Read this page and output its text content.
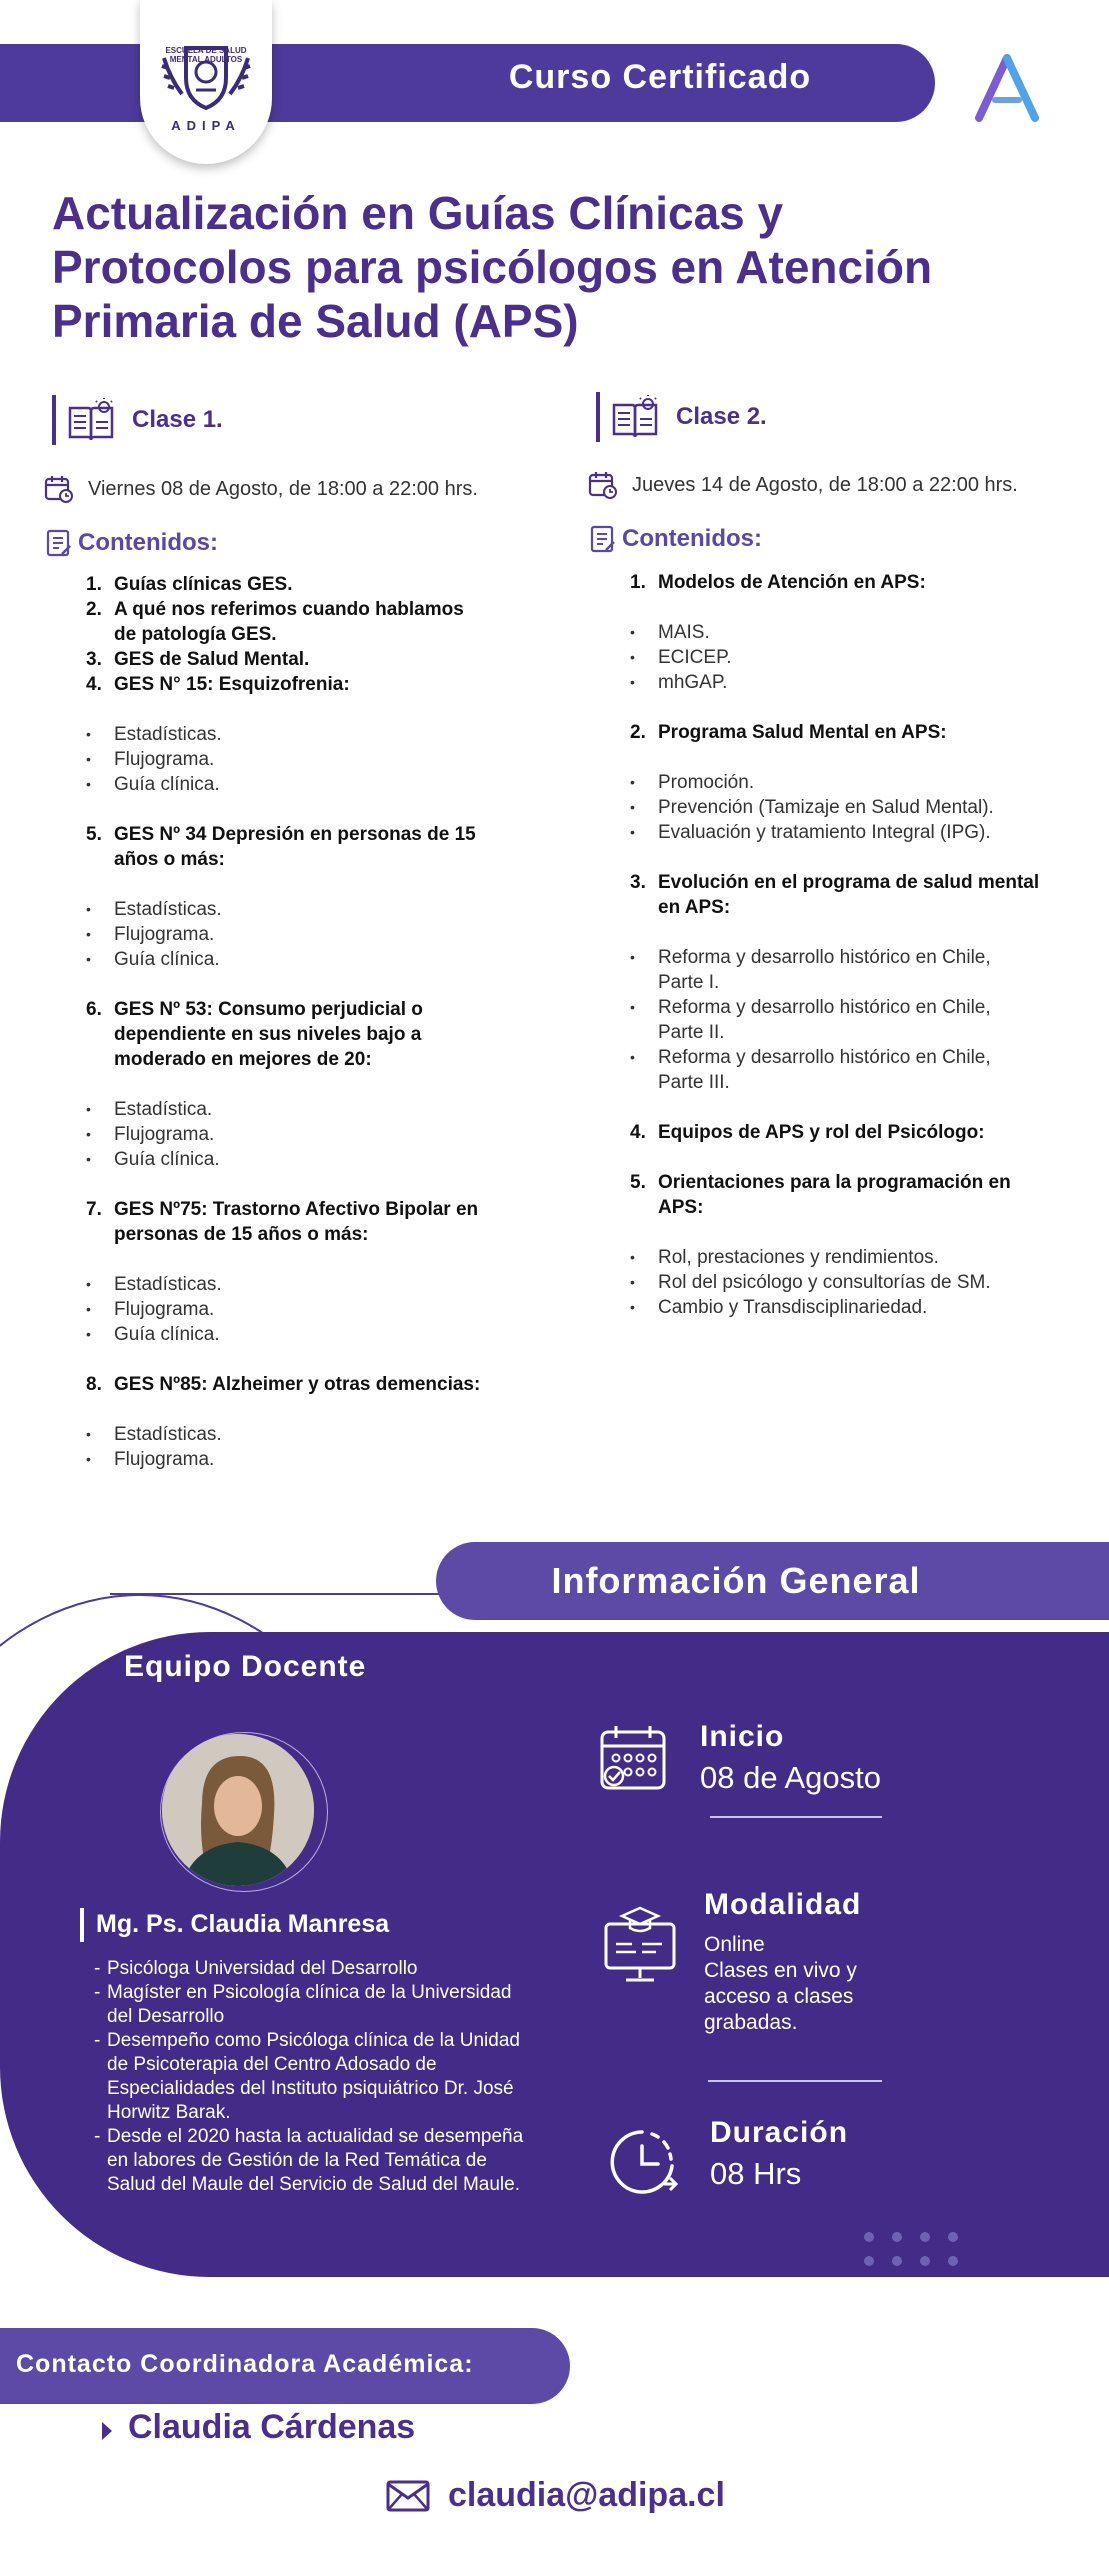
Curso Certificado
ESCUELA DE SALUD MENTAL ADULTOS
ADIPA
Actualización en Guías Clínicas y
Protocolos para psicólogos en Atención
Primaria de Salud (APS)
Clase 1.
Viernes 08 de Agosto, de 18:00 a 22:00 hrs.
Contenidos:
1. Guías clínicas GES.
2. A qué nos referimos cuando hablamos de patología GES.
3. GES de Salud Mental.
4. GES N° 15: Esquizofrenia:
•	Estadísticas.
•	Flujograma.
•	Guía clínica.
5. GES Nº 34 Depresión en personas de 15 años o más:
•	Estadísticas.
•	Flujograma.
•	Guía clínica.
6. GES Nº 53: Consumo perjudicial o dependiente en sus niveles bajo a moderado en mejores de 20:
•	Estadística.
•	Flujograma.
•	Guía clínica.
7. GES Nº75: Trastorno Afectivo Bipolar en personas de 15 años o más:
•	Estadísticas.
•	Flujograma.
•	Guía clínica.
8. GES Nº85: Alzheimer y otras demencias:
•	Estadísticas.
•	Flujograma.
Clase 2.
Jueves 14 de Agosto, de 18:00 a 22:00 hrs.
Contenidos:
1. Modelos de Atención en APS:
•	MAIS.
•	ECICEP.
•	mhGAP.
2. Programa Salud Mental en APS:
•	Promoción.
•	Prevención (Tamizaje en Salud Mental).
•	Evaluación y tratamiento Integral (IPG).
3. Evolución en el programa de salud mental en APS:
•	Reforma y desarrollo histórico en Chile, Parte I.
•	Reforma y desarrollo histórico en Chile, Parte II.
•	Reforma y desarrollo histórico en Chile, Parte III.
4. Equipos de APS y rol del Psicólogo:
5. Orientaciones para la programación en APS:
•	Rol, prestaciones y rendimientos.
•	Rol del psicólogo y consultorías de SM.
•	Cambio y Transdisciplinariedad.
Información General
Equipo Docente
Mg. Ps. Claudia Manresa
- Psicóloga Universidad del Desarrollo
- Magíster en Psicología clínica de la Universidad del Desarrollo
- Desempeño como Psicóloga clínica de la Unidad de Psicoterapia del Centro Adosado de Especialidades del Instituto psiquiátrico Dr. José Horwitz Barak.
- Desde el 2020 hasta la actualidad se desempeña en labores de Gestión de la Red Temática de Salud del Maule del Servicio de Salud del Maule.
Inicio
08 de Agosto
Modalidad
Online
Clases en vivo y
acceso a clases
grabadas.
Duración
08 Hrs
Contacto Coordinadora Académica:
Claudia Cárdenas
claudia@adipa.cl
